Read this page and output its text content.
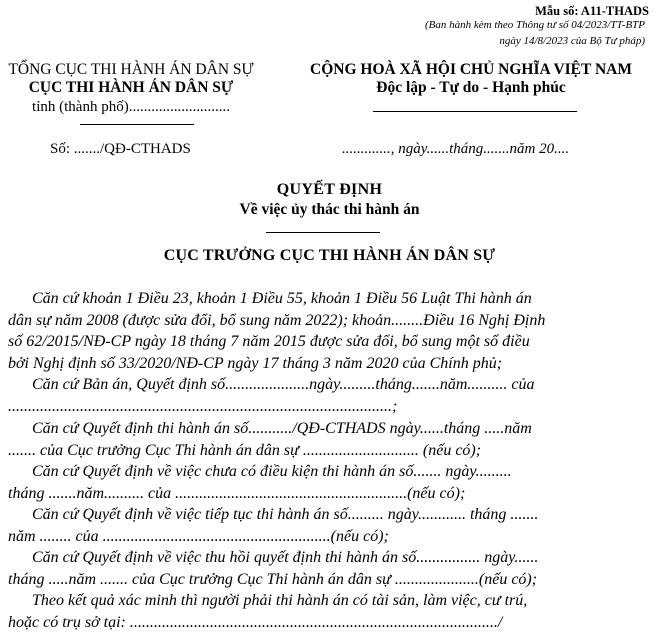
Mẫu số: A11-THADS
(Ban hành kèm theo Thông tư số 04/2023/TT-BTP
ngày 14/8/2023 của Bộ Tư pháp)
TỔNG CỤC THI HÀNH ÁN DÂN SỰ
CỤC THI HÀNH ÁN DÂN SỰ
tỉnh (thành phố)...........................
CỘNG HOÀ XÃ HỘI CHỦ NGHĨA VIỆT NAM
Độc lập - Tự do - Hạnh phúc
Số: ......./QĐ-CTHADS	............., ngày......tháng.......năm 20....
QUYẾT ĐỊNH
Về việc ủy thác thi hành án
CỤC TRƯỞNG CỤC THI HÀNH ÁN DÂN SỰ
Căn cứ khoản 1 Điều 23, khoản 1 Điều 55, khoản 1 Điều 56 Luật Thi hành án
dân sự năm 2008 (được sửa đổi, bổ sung năm 2022); khoản........Điều 16 Nghị Định
số 62/2015/NĐ-CP ngày 18 tháng 7 năm 2015 được sửa đổi, bổ sung một số điều
bởi Nghị định số 33/2020/NĐ-CP ngày 17 tháng 3 năm 2020 của Chính phủ;
Căn cứ Bản án, Quyết định số.....................ngày.........tháng.......năm.......... của
................................................................................................;
Căn cứ Quyết định thi hành án số.........../QĐ-CTHADS ngày......tháng .....năm
....... của Cục trưởng Cục Thi hành án dân sự ............................. (nếu có);
Căn cứ Quyết định về việc chưa có điều kiện thi hành án số....... ngày.........
tháng .......năm.......... của ..........................................................(nếu có);
Căn cứ Quyết định về việc tiếp tục thi hành án số......... ngày............ tháng .......
năm ........ của .........................................................(nếu có);
Căn cứ Quyết định về việc thu hồi quyết định thi hành án số................ ngày......
tháng .....năm ....... của Cục trưởng Cục Thi hành án dân sự .....................(nếu có);
Theo kết quả xác minh thì người phải thi hành án có tài sản, làm việc, cư trú,
hoặc có trụ sở tại: ............................................................................................/
